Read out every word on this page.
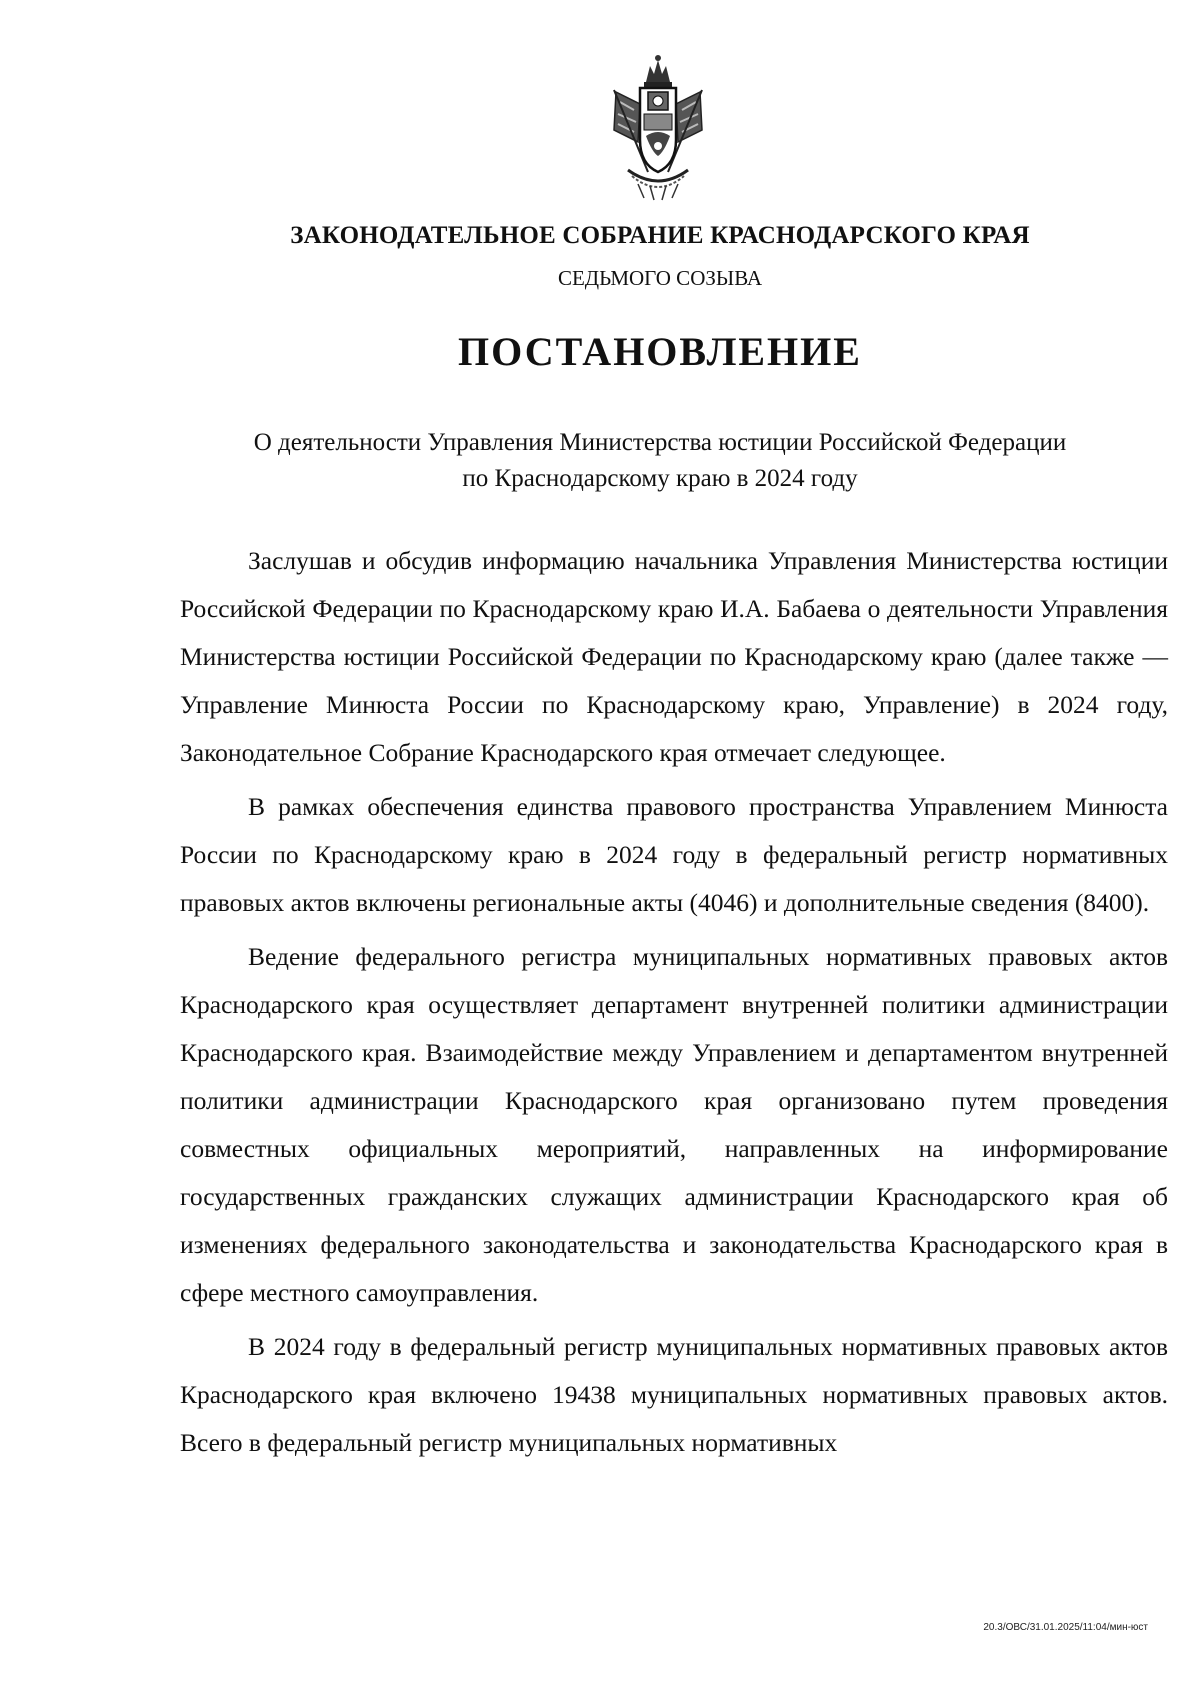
ЗАКОНОДАТЕЛЬНОЕ СОБРАНИЕ КРАСНОДАРСКОГО КРАЯ
СЕДЬМОГО СОЗЫВА
ПОСТАНОВЛЕНИЕ
О деятельности Управления Министерства юстиции Российской Федерации
по Краснодарскому краю в 2024 году

Заслушав и обсудив информацию начальника Управления Министерства юстиции Российской Федерации по Краснодарскому краю И.А. Бабаева о деятельности Управления Министерства юстиции Российской Федерации по Краснодарскому краю (далее также — Управление Минюста России по Краснодарскому краю, Управление) в 2024 году, Законодательное Собрание Краснодарского края отмечает следующее.

В рамках обеспечения единства правового пространства Управлением Минюста России по Краснодарскому краю в 2024 году в федеральный регистр нормативных правовых актов включены региональные акты (4046) и дополнительные сведения (8400).

Ведение федерального регистра муниципальных нормативных правовых актов Краснодарского края осуществляет департамент внутренней политики администрации Краснодарского края. Взаимодействие между Управлением и департаментом внутренней политики администрации Краснодарского края организовано путем проведения совместных официальных мероприятий, направленных на информирование государственных гражданских служащих администрации Краснодарского края об изменениях федерального законодательства и законодательства Краснодарского края в сфере местного самоуправления.

В 2024 году в федеральный регистр муниципальных нормативных правовых актов Краснодарского края включено 19438 муниципальных нормативных правовых актов. Всего в федеральный регистр муниципальных нормативных

20.3/ОВС/31.01.2025/11:04/мин-юст
